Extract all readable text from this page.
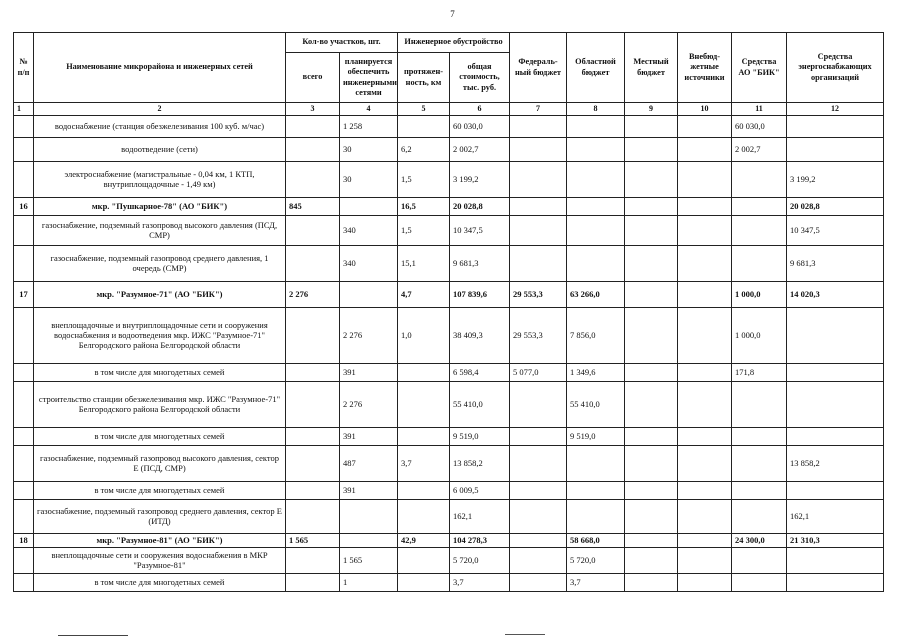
7
№ п/п	Наименование микрорайона и инженерных сетей	Кол-во участков, шт.		Инженерное обустройство		Федераль-ный бюджет	Областной бюджет	Местный бюджет	Внебюд-жетные источники	Средства АО "БИК"	Средства энергоснабжающих организаций
		всего	планируется обеспечить инженерными сетями	протяжен-ность, км	общая стоимость, тыс. руб.						
1	2	3	4	5	6	7	8	9	10	11	12
	водоснабжение (станция обезжелезивания 100 куб. м/час)		1 258		60 030,0					60 030,0	
	водоотведение (сети)		30	6,2	2 002,7					2 002,7	
	электроснабжение (магистральные - 0,04 км, 1 КТП, внутриплощадочные - 1,49 км)		30	1,5	3 199,2						3 199,2
16	мкр. "Пушкарное-78" (АО "БИК")	845		16,5	20 028,8						20 028,8
	газоснабжение, подземный газопровод высокого давления (ПСД, СМР)		340	1,5	10 347,5						10 347,5
	газоснабжение, подземный газопровод среднего давления, 1 очередь (СМР)		340	15,1	9 681,3						9 681,3
17	мкр. "Разумное-71" (АО "БИК")	2 276		4,7	107 839,6	29 553,3	63 266,0			1 000,0	14 020,3
	внеплощадочные и внутриплощадочные сети и сооружения водоснабжения и водоотведения мкр. ИЖС "Разумное-71" Белгородского района Белгородской области		2 276	1,0	38 409,3	29 553,3	7 856,0			1 000,0	
	в том числе для многодетных семей		391		6 598,4	5 077,0	1 349,6			171,8	
	строительство станции обезжелезивания мкр. ИЖС "Разумное-71" Белгородского района Белгородской области		2 276		55 410,0		55 410,0				
	в том числе для многодетных семей		391		9 519,0		9 519,0				
	газоснабжение, подземный газопровод высокого давления, сектор Е (ПСД, СМР)		487	3,7	13 858,2						13 858,2
	в том числе для многодетных семей		391		6 009,5						
	газоснабжение, подземный газопровод среднего давления, сектор Е (ИТД)				162,1						162,1
18	мкр. "Разумное-81" (АО "БИК")	1 565		42,9	104 278,3		58 668,0			24 300,0	21 310,3
	внеплощадочные сети и сооружения водоснабжения в МКР "Разумное-81"		1 565		5 720,0		5 720,0				
	в том числе для многодетных семей		1		3,7		3,7				
